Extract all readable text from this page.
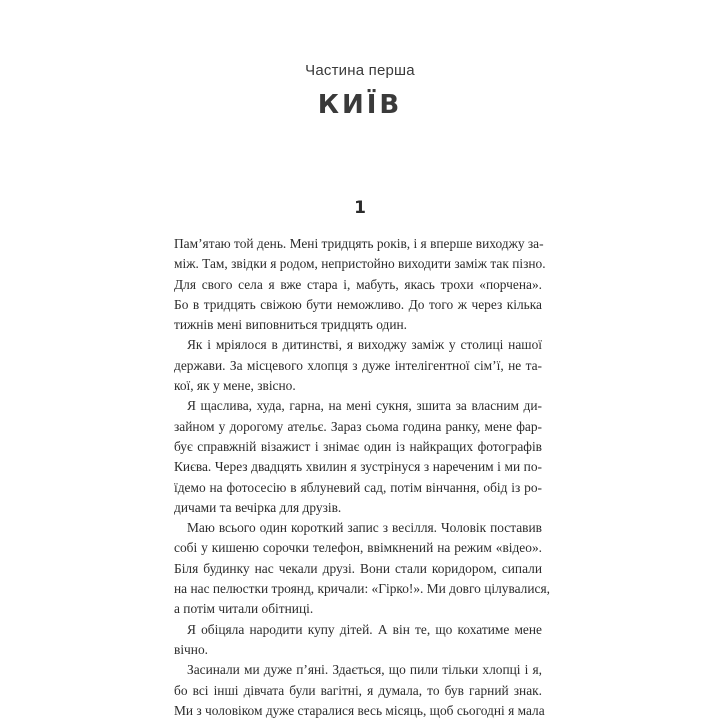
Частина перша
КИЇВ
1
Пам’ятаю той день. Мені тридцять років, і я вперше виходжу за-
між. Там, звідки я родом, непристойно виходити заміж так пізно.
Для свого села я вже стара і, мабуть, якась трохи «порчена».
Бо в тридцять свіжою бути неможливо. До того ж через кілька
тижнів мені виповниться тридцять один.
Як і мріялося в дитинстві, я виходжу заміж у столиці нашої
держави. За місцевого хлопця з дуже інтелігентної сім’ї, не та-
кої, як у мене, звісно.
Я щаслива, худа, гарна, на мені сукня, зшита за власним ди-
зайном у дорогому ательє. Зараз сьома година ранку, мене фар-
бує справжній візажист і знімає один із найкращих фотографів
Києва. Через двадцять хвилин я зустрінуся з нареченим і ми по-
їдемо на фотосесію в яблуневий сад, потім вінчання, обід із ро-
дичами та вечірка для друзів.
Маю всього один короткий запис з весілля. Чоловік поставив
собі у кишеню сорочки телефон, ввімкнений на режим «відео».
Біля будинку нас чекали друзі. Вони стали коридором, сипали
на нас пелюстки троянд, кричали: «Гірко!». Ми довго цілувалися,
а потім читали обітниці.
Я обіцяла народити купу дітей. А він те, що кохатиме мене
вічно.
Засинали ми дуже п’яні. Здається, що пили тільки хлопці і я,
бо всі інші дівчата були вагітні, я думала, то був гарний знак.
Ми з чоловіком дуже старалися весь місяць, щоб сьогодні я мала
